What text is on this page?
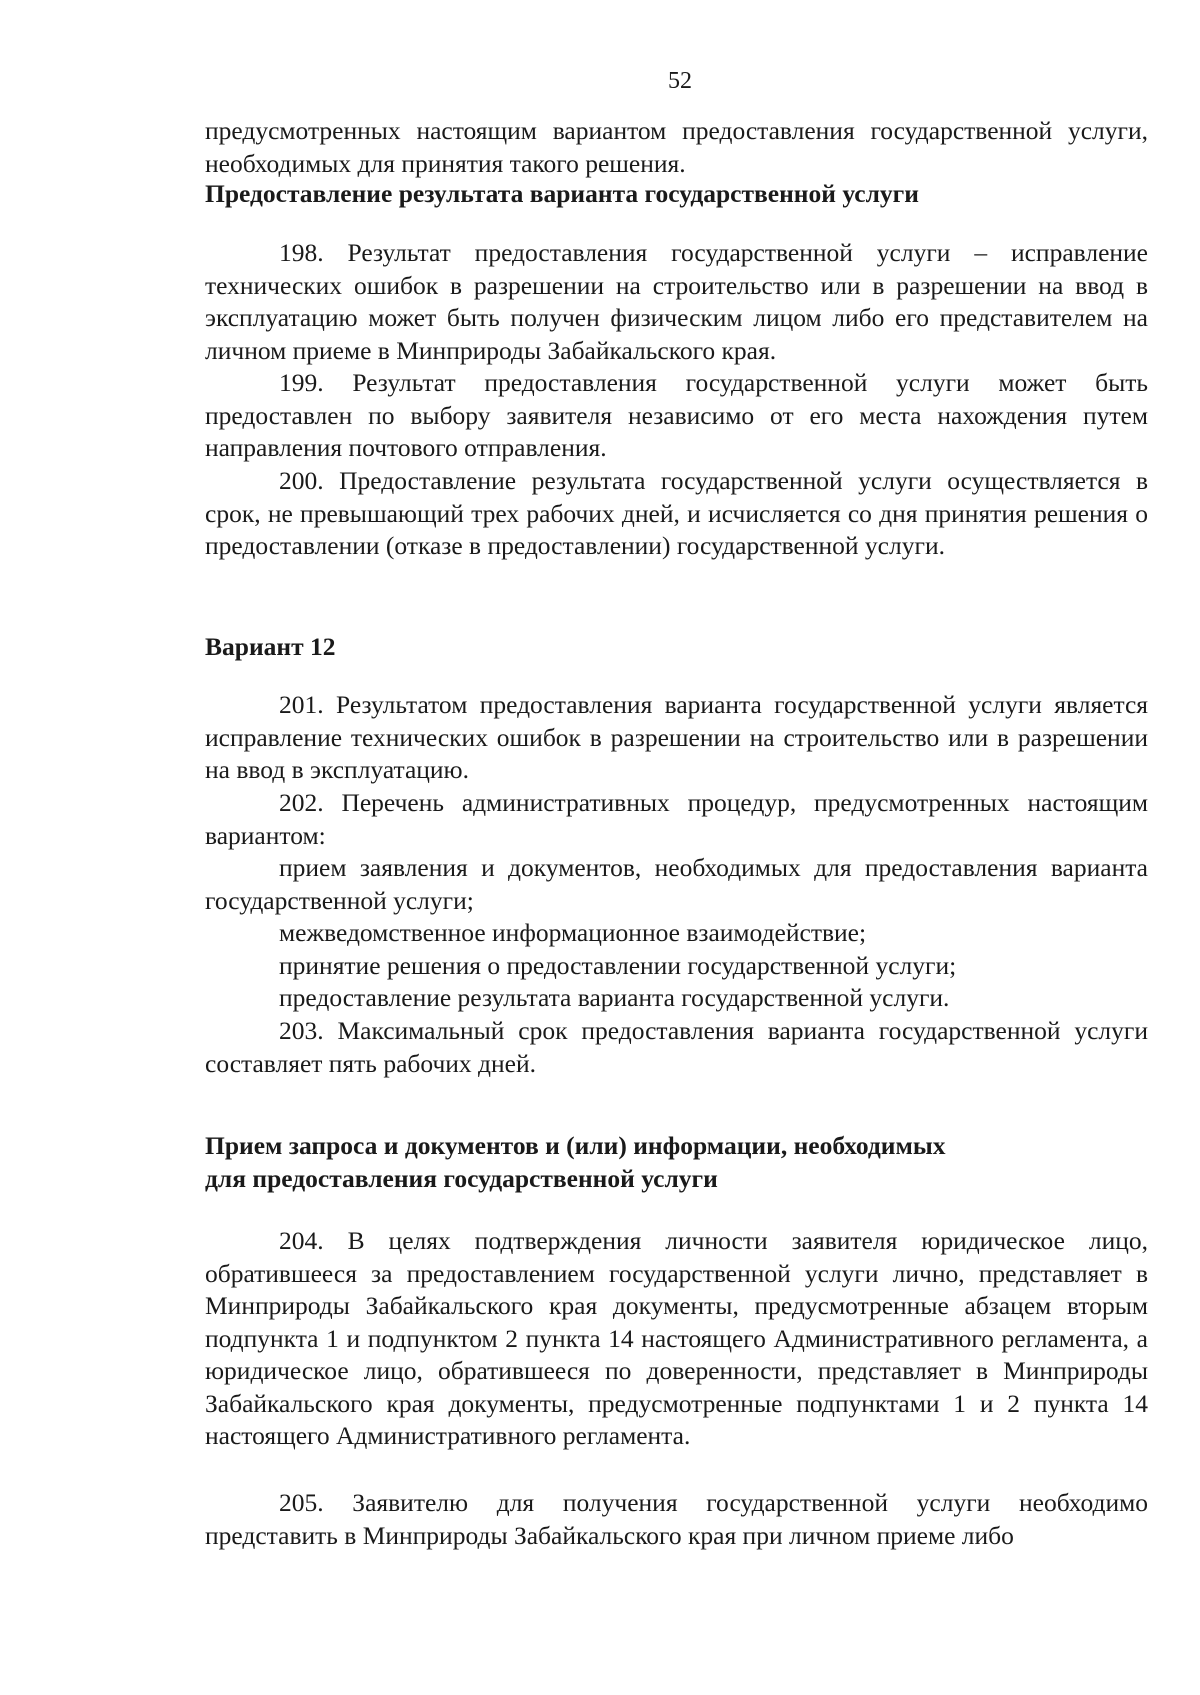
52

предусмотренных настоящим вариантом предоставления государственной услуги, необходимых для принятия такого решения.

Предоставление результата варианта государственной услуги

198. Результат предоставления государственной услуги – исправление технических ошибок в разрешении на строительство или в разрешении на ввод в эксплуатацию может быть получен физическим лицом либо его представителем на личном приеме в Минприроды Забайкальского края.

199. Результат предоставления государственной услуги может быть предоставлен по выбору заявителя независимо от его места нахождения путем направления почтового отправления.

200. Предоставление результата государственной услуги осуществляется в срок, не превышающий трех рабочих дней, и исчисляется со дня принятия решения о предоставлении (отказе в предоставлении) государственной услуги.

Вариант 12

201. Результатом предоставления варианта государственной услуги является исправление технических ошибок в разрешении на строительство или в разрешении на ввод в эксплуатацию.

202. Перечень административных процедур, предусмотренных настоящим вариантом:

прием заявления и документов, необходимых для предоставления варианта государственной услуги;

межведомственное информационное взаимодействие;

принятие решения о предоставлении государственной услуги;

предоставление результата варианта государственной услуги.

203. Максимальный срок предоставления варианта государственной услуги составляет пять рабочих дней.

Прием запроса и документов и (или) информации, необходимых

для предоставления государственной услуги

204. В целях подтверждения личности заявителя юридическое лицо, обратившееся за предоставлением государственной услуги лично, представляет в Минприроды Забайкальского края документы, предусмотренные абзацем вторым подпункта 1 и подпунктом 2 пункта 14 настоящего Административного регламента, а юридическое лицо, обратившееся по доверенности, представляет в Минприроды Забайкальского края документы, предусмотренные подпунктами 1 и 2 пункта 14 настоящего Административного регламента.

205. Заявителю для получения государственной услуги необходимо представить в Минприроды Забайкальского края при личном приеме либо
